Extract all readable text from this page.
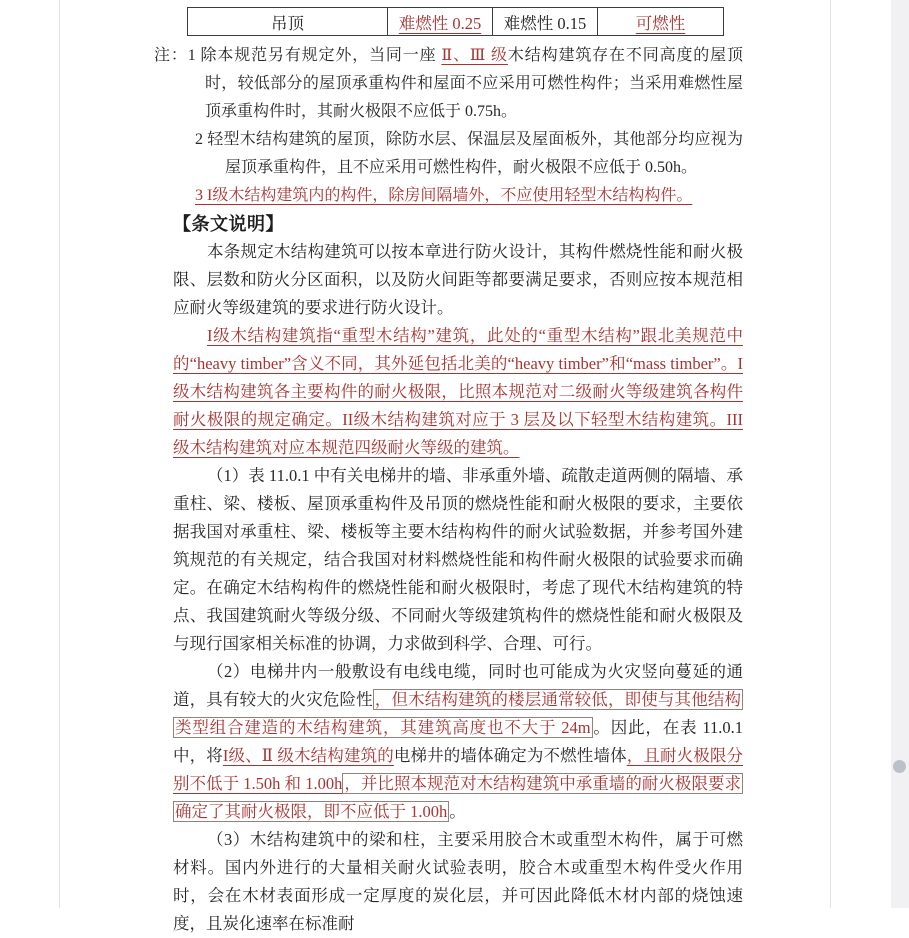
吊顶	难燃性 0.25	难燃性 0.15	可燃性
注：1 除本规范另有规定外，当同一座 Ⅱ、Ⅲ 级木结构建筑存在不同高度的屋顶时，较低部分的屋顶承重构件和屋面不应采用可燃性构件；当采用难燃性屋顶承重构件时，其耐火极限不应低于 0.75h。
2 轻型木结构建筑的屋顶，除防水层、保温层及屋面板外，其他部分均应视为屋顶承重构件，且不应采用可燃性构件，耐火极限不应低于 0.50h。
3 I级木结构建筑内的构件，除房间隔墙外，不应使用轻型木结构构件。
【条文说明】

本条规定木结构建筑可以按本章进行防火设计，其构件燃烧性能和耐火极限、层数和防火分区面积，以及防火间距等都要满足要求，否则应按本规范相应耐火等级建筑的要求进行防火设计。

I级木结构建筑指“重型木结构”建筑，此处的“重型木结构”跟北美规范中的“heavy timber”含义不同，其外延包括北美的“heavy timber”和“mass timber”。I级木结构建筑各主要构件的耐火极限，比照本规范对二级耐火等级建筑各构件耐火极限的规定确定。II级木结构建筑对应于 3 层及以下轻型木结构建筑。III级木结构建筑对应本规范四级耐火等级的建筑。

（1）表 11.0.1 中有关电梯井的墙、非承重外墙、疏散走道两侧的隔墙、承重柱、梁、楼板、屋顶承重构件及吊顶的燃烧性能和耐火极限的要求，主要依据我国对承重柱、梁、楼板等主要木结构构件的耐火试验数据，并参考国外建筑规范的有关规定，结合我国对材料燃烧性能和构件耐火极限的试验要求而确定。在确定木结构构件的燃烧性能和耐火极限时，考虑了现代木结构建筑的特点、我国建筑耐火等级分级、不同耐火等级建筑构件的燃烧性能和耐火极限及与现行国家相关标准的协调，力求做到科学、合理、可行。

（2）电梯井内一般敷设有电线电缆，同时也可能成为火灾竖向蔓延的通道，具有较大的火灾危险性 ，但木结构建筑的楼层通常较低，即使与其他结构类型组合建造的木结构建筑，其建筑高度也不大于 24m 。因此，在表 11.0.1 中，将I级、Ⅱ 级木结构建筑的电梯井的墙体确定为不燃性墙体，且耐火极限分别不低于 1.50h 和 1.00h ，并比照本规范对木结构建筑中承重墙的耐火极限要求确定了其耐火极限，即不应低于 1.00h 。

（3）木结构建筑中的梁和柱，主要采用胶合木或重型木构件，属于可燃材料。国内外进行的大量相关耐火试验表明，胶合木或重型木构件受火作用时，会在木材表面形成一定厚度的炭化层，并可因此降低木材内部的烧蚀速度，且炭化速率在标准耐
